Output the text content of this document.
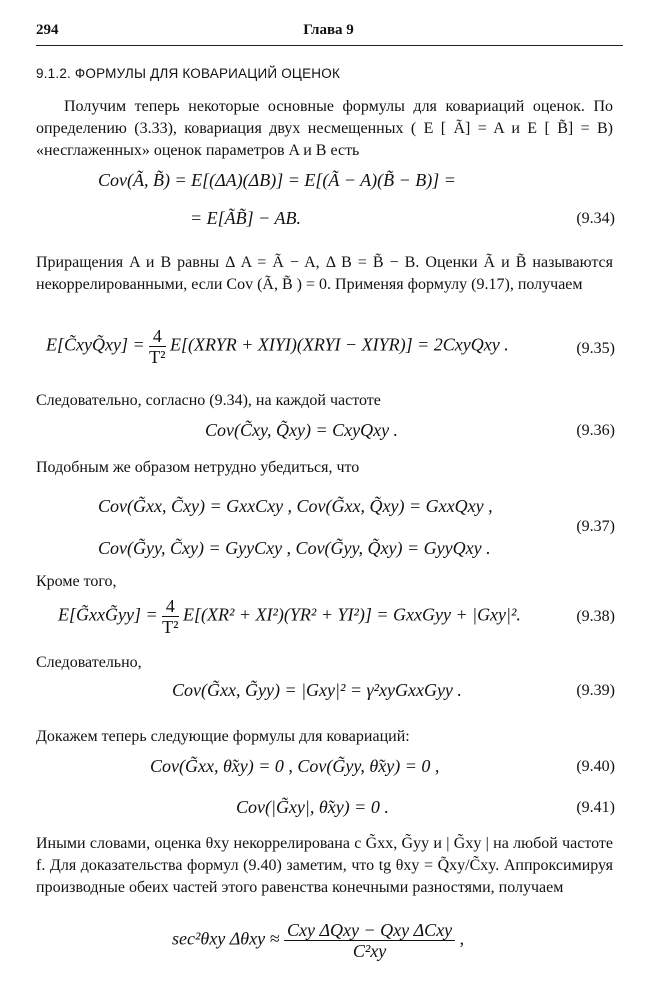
294	Глава 9
9.1.2. ФОРМУЛЫ ДЛЯ КОВАРИАЦИЙ ОЦЕНОК
Получим теперь некоторые основные формулы для ковариаций оценок. По определению (3.33), ковариация двух несмещенных ( E [ Ã] = A и E [ B̃] = B) «несглаженных» оценок параметров A и B есть
Cov(Ã, B̃) = E[(ΔA)(ΔB)] = E[(Ã − A)(B̃ − B)] =
= E[ÃB̃] − AB.	(9.34)
Приращения A и B равны Δ A = Ã − A, Δ B = B̃ − B. Оценки Ã и B̃ называются некоррелированными, если Cov (Ã, B̃ ) = 0. Применяя формулу (9.17), получаем
E[C̃xyQ̃xy] = $\frac{4}{\text{T²}}$ E[(XRYR + XIYI)(XRYI − XIYR)] = 2CxyQxy .	(9.35)
Следовательно, согласно (9.34), на каждой частоте
Cov(C̃xy, Q̃xy) = CxyQxy .	(9.36)
Подобным же образом нетрудно убедиться, что
Cov(G̃xx, C̃xy) = GxxCxy , Cov(G̃xx, Q̃xy) = GxxQxy ,
Cov(G̃yy, C̃xy) = GyyCxy , Cov(G̃yy, Q̃xy) = GyyQxy .
(9.37)
Кроме того,
E[G̃xxG̃yy] = $\frac{4}{\text{T²}} E[(XR^2 + XI^2)(YR^2 + YI^2)]$ = GxxGyy + |Gxy|².	(9.38)
Следовательно,
Cov(G̃xx, G̃yy) = |Gxy|² = γ²xyGxxGyy .	(9.39)
Докажем теперь следующие формулы для ковариаций:
Cov(G̃xx, θ̃xy) = 0 , Cov(G̃yy, θ̃xy) = 0 ,	(9.40)
Cov(|G̃xy|, θ̃xy) = 0 .	(9.41)
Иными словами, оценка θxy некоррелирована с G̃xx, G̃yy и | G̃xy | на любой частоте f. Для доказательства формул (9.40) заметим, что tg θxy = Q̃xy/C̃xy. Аппроксимируя производные обеих частей этого равенства конечными разностями, получаем
sec²θxy $\Delta\theta xy \approx \frac{\text{Cxy ΔQxy − Qxy ΔCxy}}{\text{C²xy}}$ ,
